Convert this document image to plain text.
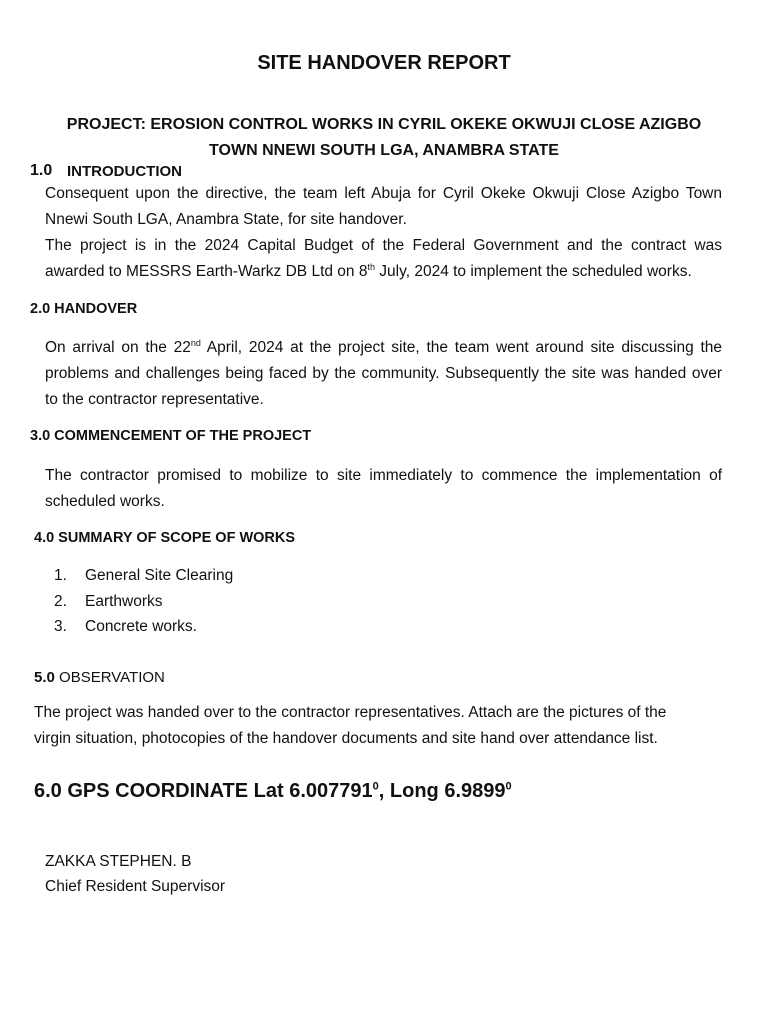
SITE HANDOVER REPORT
PROJECT: EROSION CONTROL WORKS IN CYRIL OKEKE OKWUJI CLOSE AZIGBO
TOWN NNEWI SOUTH LGA, ANAMBRA STATE
1.0 INTRODUCTION

Consequent upon the directive, the team left Abuja for Cyril Okeke Okwuji Close Azigbo Town Nnewi South LGA, Anambra State, for site handover.

The project is in the 2024 Capital Budget of the Federal Government and the contract was awarded to MESSRS Earth-Warkz DB Ltd on 8th July, 2024 to implement the scheduled works.

2.0 HANDOVER

On arrival on the 22nd April, 2024 at the project site, the team went around site discussing the problems and challenges being faced by the community. Subsequently the site was handed over to the contractor representative.

3.0 COMMENCEMENT OF THE PROJECT
The contractor promised to mobilize to site immediately to commence the implementation of scheduled works.
4.0 SUMMARY OF SCOPE OF WORKS
1. General Site Clearing
2. Earthworks
3. Concrete works.
5.0 OBSERVATION
The project was handed over to the contractor representatives. Attach are the pictures of the virgin situation, photocopies of the handover documents and site hand over attendance list.
6.0 GPS COORDINATE Lat 6.007791$^0$, Long 6.9899$^0$
ZAKKA STEPHEN. B
Chief Resident Supervisor
